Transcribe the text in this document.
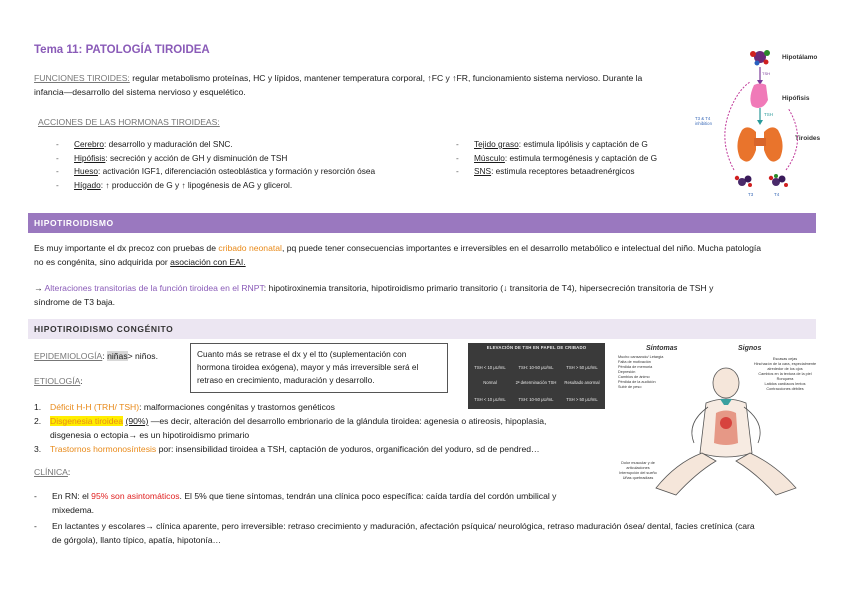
Tema 11: PATOLOGÍA TIROIDEA
FUNCIONES TIROIDES: regular metabolismo proteínas, HC y lípidos, mantener temperatura corporal, ↑FC y ↑FR, funcionamiento sistema nervioso. Durante la
infancia—desarrollo del sistema nervioso y esquelético.
ACCIONES DE LAS HORMONAS TIROIDEAS:
- Cerebro: desarrollo y maduración del SNC.
- Hipófisis: secreción y acción de GH y disminución de TSH
- Hueso: activación IGF1, diferenciación osteoblástica y formación y resorción ósea
- Hígado: ↑ producción de G y ↑ lipogénesis de AG y glicerol.
- Tejido graso: estimula lipólisis y captación de G
- Músculo: estimula termogénesis y captación de G
- SNS: estimula receptores betaadrenérgicos
Hipotálamo
TSH
Hipófisis
TSH
Tiroides
T3 & T4 inhibition
T3	T4
HIPOTIROIDISMO
Es muy importante el dx precoz con pruebas de cribado neonatal, pq puede tener consecuencias importantes e irreversibles en el desarrollo metabólico e intelectual del niño. Mucha patología
no es congénita, sino adquirida por asociación con EAI.
→ Alteraciones transitorias de la función tiroidea en el RNPT: hipotiroxinemia transitoria, hipotiroidismo primario transitorio (↓ transitoria de T4), hipersecreción transitoria de TSH y
síndrome de T3 baja.
HIPOTIROIDISMO CONGÉNITO
EPIDEMIOLOGÍA: niñas> niños.
ETIOLOGÍA:
Cuanto más se retrase el dx y el tto (suplementación con hormona tiroidea exógena), mayor y más irreversible será el retraso en crecimiento, maduración y desarrollo.
ELEVACIÓN DE TSH EN PAPEL DE CRIBADO
TSH < 10 μU/mL	TSH: 10-50 μU/mL	TSH > 50 μU/mL
Normal	2ª determinación TSH	Resultado anormal
TSH < 10 μU/mL	TSH: 10-50 μU/mL	TSH > 50 μU/mL
Síntomas	Signos
Mucho cansancio/ Letargia
Falta de motivación
Pérdida de memoria
Depresión
Cambios de ánimo
Pérdida de la audición
Subir de peso
Escasas cejas
Hinchazón de la cara, especialmente alrededor de los ojos
Cambios en la textura de la piel
Ronquera
Latidos cardíacos lentos
Contracciones débiles
Dolor muscular y de articulaciones
Interrupción del sueño
Uñas quebradizas
1. Déficit H-H (TRH/ TSH): malformaciones congénitas y trastornos genéticos
2. Disgenesia tiroidea (90%) —es decir, alteración del desarrollo embrionario de la glándula tiroidea: agenesia o atireosis, hipoplasia,
disgenesia o ectopia→ es un hipotiroidismo primario
3. Trastornos hormonosíntesis por: insensibilidad tiroidea a TSH, captación de yoduros, organificación del yoduro, sd de pendred…
CLÍNICA:
- En RN: el 95% son asintomáticos. El 5% que tiene síntomas, tendrán una clínica poco específica: caída tardía del cordón umbilical y
mixedema.
- En lactantes y escolares→ clínica aparente, pero irreversible: retraso crecimiento y maduración, afectación psíquica/ neurológica, retraso maduración ósea/ dental, facies cretínica (cara
de górgola), llanto típico, apatía, hipotonía…
